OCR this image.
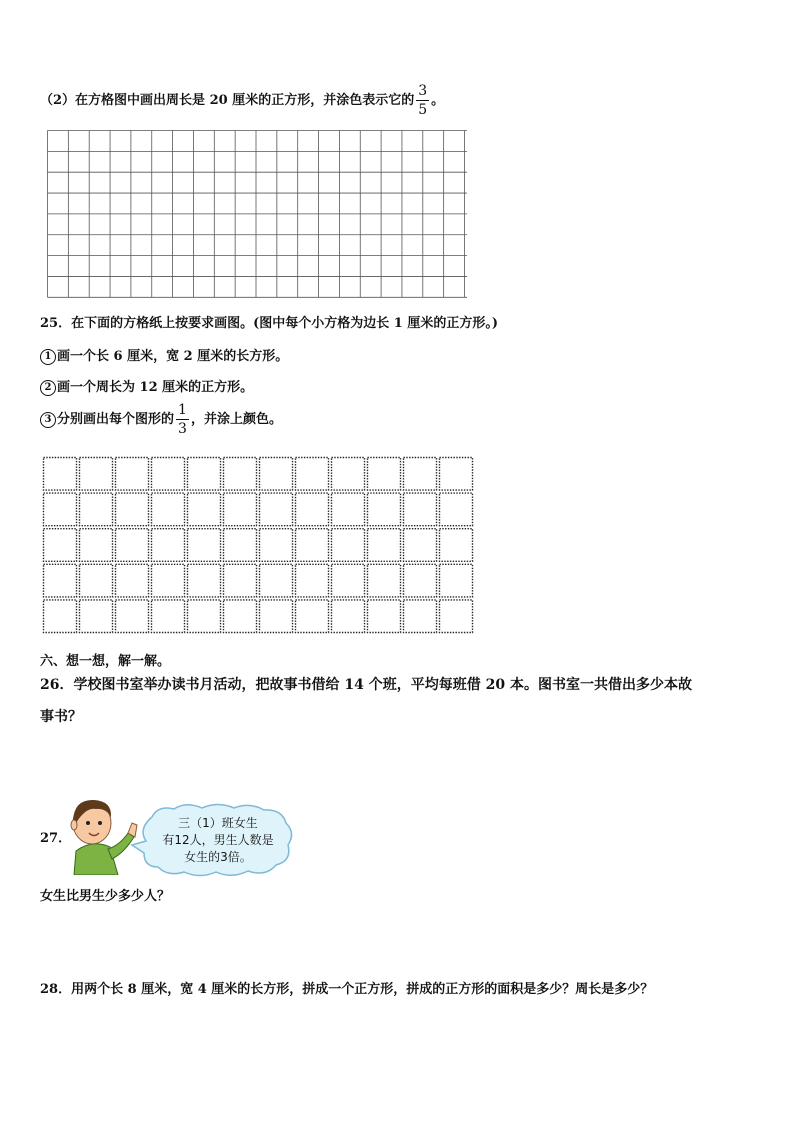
（2）在方格图中画出周长是 20 厘米的正方形，并涂色表示它的 $\frac{3}{5}$ 。
25．在下面的方格纸上按要求画图。(图中每个小方格为边长 1 厘米的正方形。)
1 画一个长 6 厘米，宽 2 厘米的长方形。
2 画一个周长为 12 厘米的正方形。
3 分别画出每个图形的 $\frac{1}{3}$ ，并涂上颜色。
六、想一想，解一解。
26．学校图书室举办读书月活动，把故事书借给 14 个班，平均每班借 20 本。图书室一共借出多少本故
事书？
27．
三（1）班女生
有12人，男生人数是
女生的3倍。
女生比男生少多少人？
28．用两个长 8 厘米，宽 4 厘米的长方形，拼成一个正方形，拼成的正方形的面积是多少？周长是多少？
